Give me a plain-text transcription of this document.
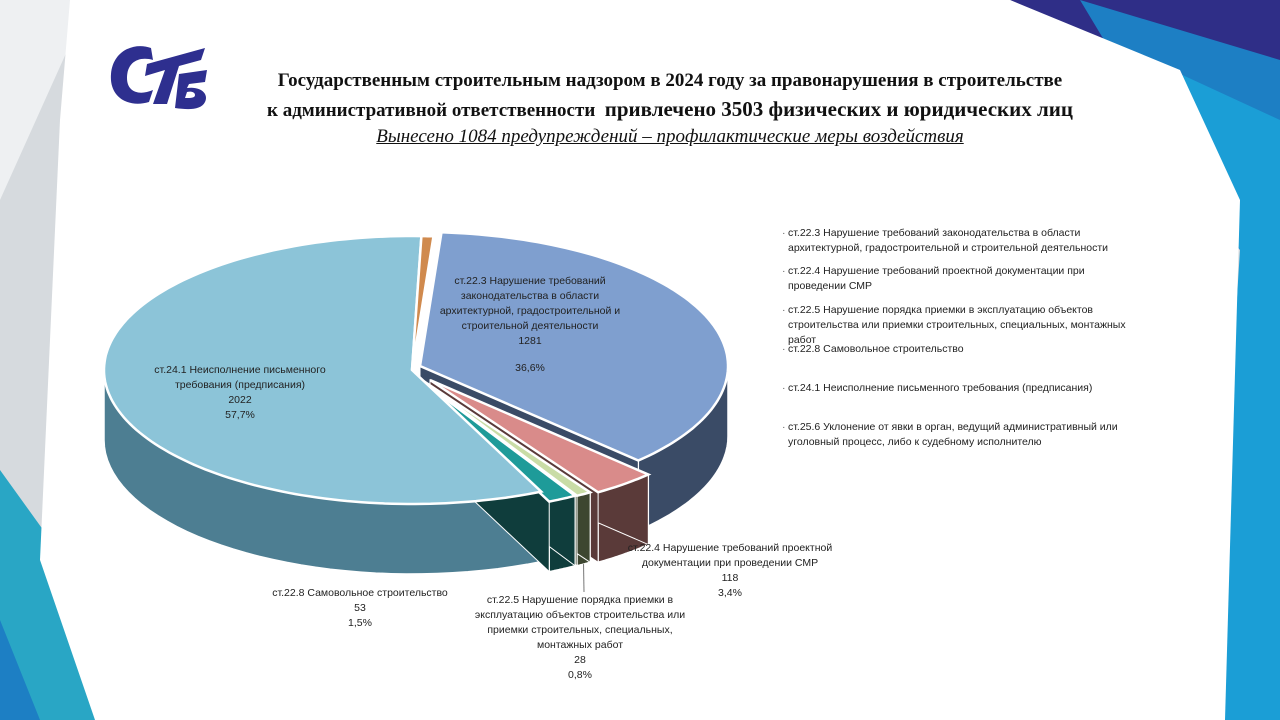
Государственным строительным надзором в 2024 году за правонарушения в строительстве
к административной ответственности привлечено 3503 физических и юридических лиц
Вынесено 1084 предупреждений – профилактические меры воздействия
ст.22.3 Нарушение требований
законодательства в области
архитектурной, градостроительной и
строительной деятельности
1281
36,6%
ст.22.4 Нарушение требований проектной
документации при проведении СМР
118
3,4%
ст.22.5 Нарушение порядка приемки в
эксплуатацию объектов строительства или
приемки строительных, специальных,
монтажных работ
28
0,8%
ст.22.8 Самовольное строительство
53
1,5%
ст.24.1 Неисполнение письменного
требования (предписания)
2022
57,7%
· ст.22.3 Нарушение требований законодательства в области
архитектурной, градостроительной и строительной деятельности
· ст.22.4 Нарушение требований проектной документации при
проведении СМР
· ст.22.5 Нарушение порядка приемки в эксплуатацию объектов
строительства или приемки строительных, специальных, монтажных
работ
· ст.22.8 Самовольное строительство
· ст.24.1 Неисполнение письменного требования (предписания)
· ст.25.6 Уклонение от явки в орган, ведущий административный или
уголовный процесс, либо к судебному исполнителю
